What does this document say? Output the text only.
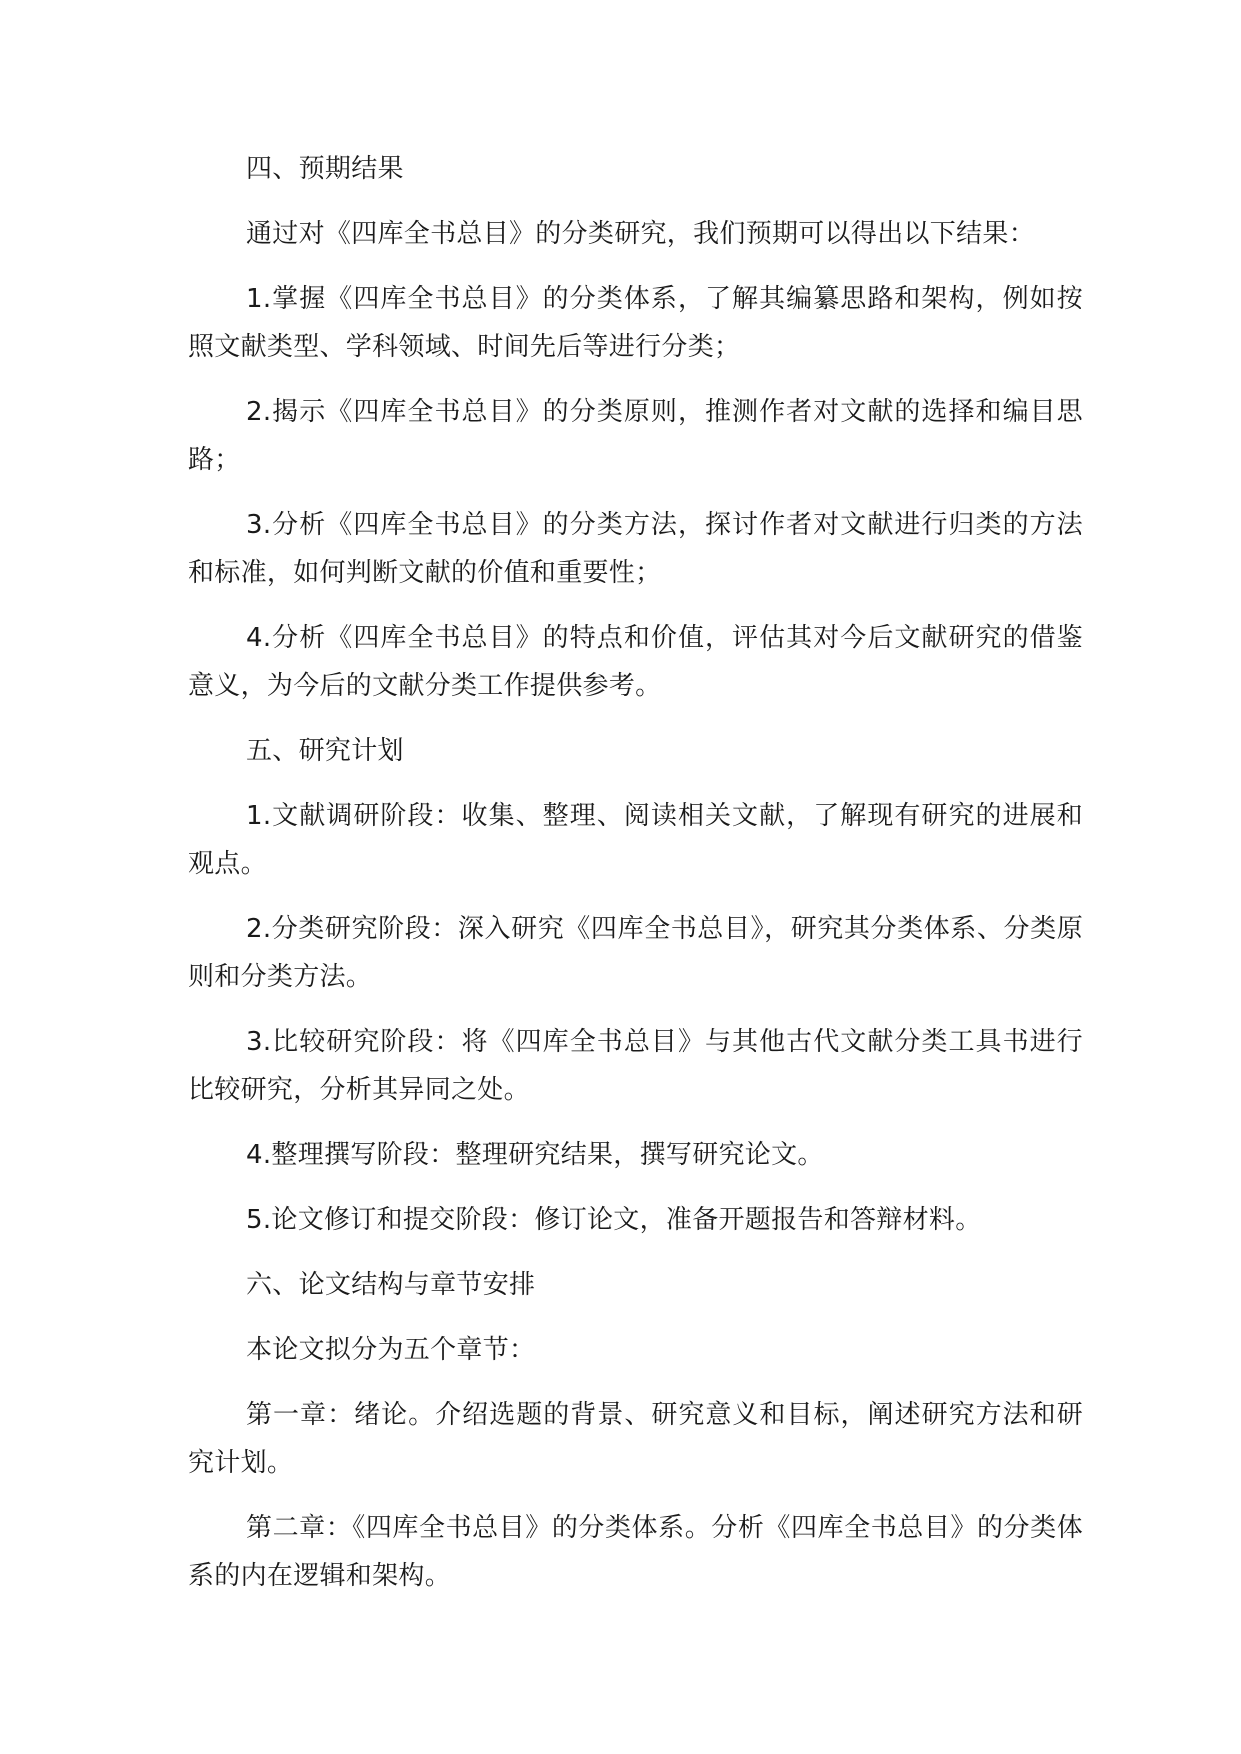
四、预期结果

通过对《四库全书总目》的分类研究，我们预期可以得出以下结果：

1.掌握《四库全书总目》的分类体系，了解其编纂思路和架构，例如按照文献类型、学科领域、时间先后等进行分类；

2.揭示《四库全书总目》的分类原则，推测作者对文献的选择和编目思路；

3.分析《四库全书总目》的分类方法，探讨作者对文献进行归类的方法和标准，如何判断文献的价值和重要性；

4.分析《四库全书总目》的特点和价值，评估其对今后文献研究的借鉴意义，为今后的文献分类工作提供参考。

五、研究计划

1.文献调研阶段：收集、整理、阅读相关文献，了解现有研究的进展和观点。

2.分类研究阶段：深入研究《四库全书总目》，研究其分类体系、分类原则和分类方法。

3.比较研究阶段：将《四库全书总目》与其他古代文献分类工具书进行比较研究，分析其异同之处。

4.整理撰写阶段：整理研究结果，撰写研究论文。

5.论文修订和提交阶段：修订论文，准备开题报告和答辩材料。

六、论文结构与章节安排

本论文拟分为五个章节：

第一章：绪论。介绍选题的背景、研究意义和目标，阐述研究方法和研究计划。

第二章：《四库全书总目》的分类体系。分析《四库全书总目》的分类体系的内在逻辑和架构。
